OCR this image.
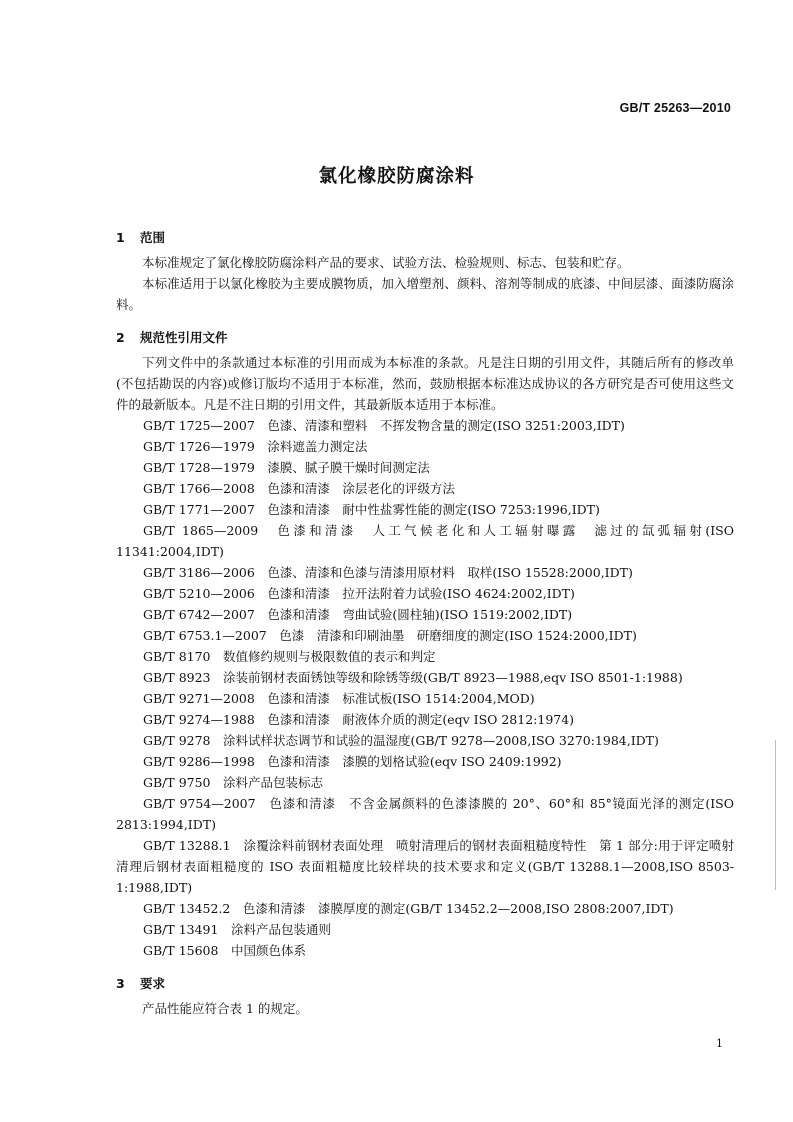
GB/T 25263—2010
氯化橡胶防腐涂料

1 范围

本标准规定了氯化橡胶防腐涂料产品的要求、试验方法、检验规则、标志、包装和贮存。

本标准适用于以氯化橡胶为主要成膜物质，加入增塑剂、颜料、溶剂等制成的底漆、中间层漆、面漆防腐涂料。

2 规范性引用文件

下列文件中的条款通过本标准的引用而成为本标准的条款。凡是注日期的引用文件，其随后所有的修改单(不包括勘误的内容)或修订版均不适用于本标准，然而，鼓励根据本标准达成协议的各方研究是否可使用这些文件的最新版本。凡是不注日期的引用文件，其最新版本适用于本标准。

GB/T 1725—2007　色漆、清漆和塑料　不挥发物含量的测定(ISO 3251:2003,IDT)

GB/T 1726—1979　涂料遮盖力测定法

GB/T 1728—1979　漆膜、腻子膜干燥时间测定法

GB/T 1766—2008　色漆和清漆　涂层老化的评级方法

GB/T 1771—2007　色漆和清漆　耐中性盐雾性能的测定(ISO 7253:1996,IDT)

GB/T 1865—2009　色漆和清漆　人工气候老化和人工辐射曝露　滤过的氙弧辐射(ISO 11341:2004,IDT)

GB/T 3186—2006　色漆、清漆和色漆与清漆用原材料　取样(ISO 15528:2000,IDT)

GB/T 5210—2006　色漆和清漆　拉开法附着力试验(ISO 4624:2002,IDT)

GB/T 6742—2007　色漆和清漆　弯曲试验(圆柱轴)(ISO 1519:2002,IDT)

GB/T 6753.1—2007　色漆　清漆和印刷油墨　研磨细度的测定(ISO 1524:2000,IDT)

GB/T 8170　数值修约规则与极限数值的表示和判定

GB/T 8923　涂装前钢材表面锈蚀等级和除锈等级(GB/T 8923—1988,eqv ISO 8501-1:1988)

GB/T 9271—2008　色漆和清漆　标准试板(ISO 1514:2004,MOD)

GB/T 9274—1988　色漆和清漆　耐液体介质的测定(eqv ISO 2812:1974)

GB/T 9278　涂料试样状态调节和试验的温湿度(GB/T 9278—2008,ISO 3270:1984,IDT)

GB/T 9286—1998　色漆和清漆　漆膜的划格试验(eqv ISO 2409:1992)

GB/T 9750　涂料产品包装标志

GB/T 9754—2007　色漆和清漆　不含金属颜料的色漆漆膜的 20°、60°和 85°镜面光泽的测定(ISO 2813:1994,IDT)

GB/T 13288.1　涂覆涂料前钢材表面处理　喷射清理后的钢材表面粗糙度特性　第 1 部分:用于评定喷射清理后钢材表面粗糙度的 ISO 表面粗糙度比较样块的技术要求和定义(GB/T 13288.1—2008,ISO 8503-1:1988,IDT)

GB/T 13452.2　色漆和清漆　漆膜厚度的测定(GB/T 13452.2—2008,ISO 2808:2007,IDT)

GB/T 13491　涂料产品包装通则

GB/T 15608　中国颜色体系

3 要求

产品性能应符合表 1 的规定。

1
